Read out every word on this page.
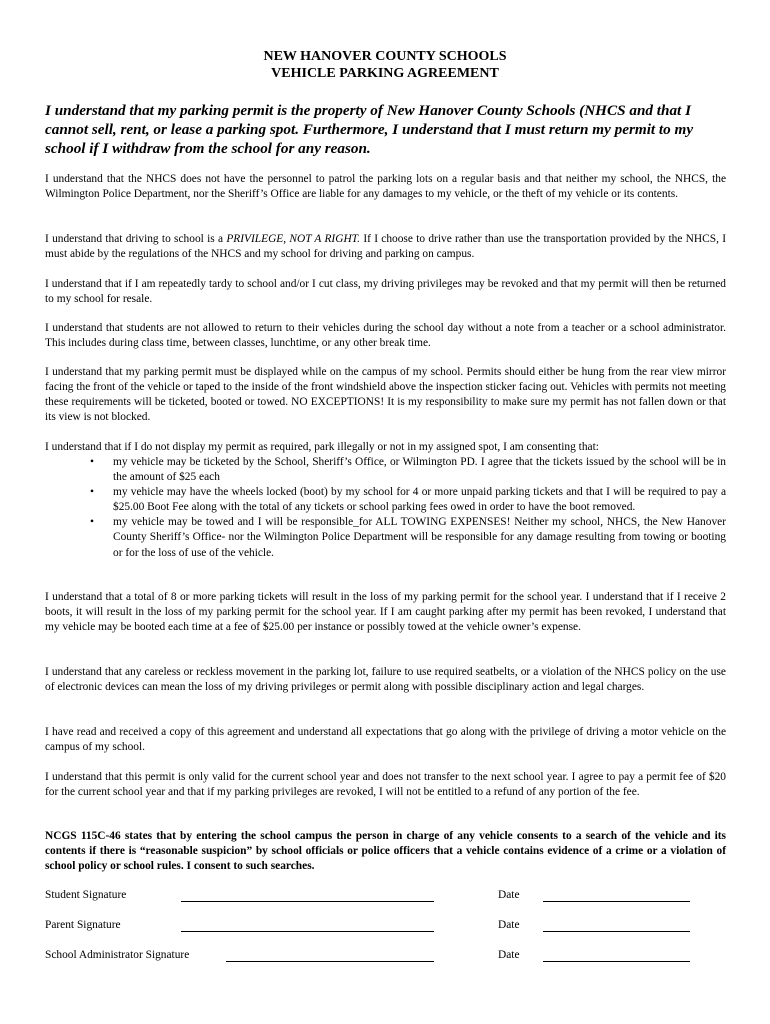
NEW HANOVER COUNTY SCHOOLS
VEHICLE PARKING AGREEMENT
I understand that my parking permit is the property of New Hanover County Schools (NHCS and that I cannot sell, rent, or lease a parking spot. Furthermore, I understand that I must return my permit to my school if I withdraw from the school for any reason.
I understand that the NHCS does not have the personnel to patrol the parking lots on a regular basis and that neither my school, the NHCS, the Wilmington Police Department, nor the Sheriff’s Office are liable for any damages to my vehicle, or the theft of my vehicle or its contents.
I understand that driving to school is a PRIVILEGE, NOT A RIGHT. If I choose to drive rather than use the transportation provided by the NHCS, I must abide by the regulations of the NHCS and my school for driving and parking on campus.
I understand that if I am repeatedly tardy to school and/or I cut class, my driving privileges may be revoked and that my permit will then be returned to my school for resale.
I understand that students are not allowed to return to their vehicles during the school day without a note from a teacher or a school administrator. This includes during class time, between classes, lunchtime, or any other break time.
I understand that my parking permit must be displayed while on the campus of my school. Permits should either be hung from the rear view mirror facing the front of the vehicle or taped to the inside of the front windshield above the inspection sticker facing out. Vehicles with permits not meeting these requirements will be ticketed, booted or towed. NO EXCEPTIONS! It is my responsibility to make sure my permit has not fallen down or that its view is not blocked.
I understand that if I do not display my permit as required, park illegally or not in my assigned spot, I am consenting that:
• my vehicle may be ticketed by the School, Sheriff’s Office, or Wilmington PD. I agree that the tickets issued by the school will be in the amount of $25 each
• my vehicle may have the wheels locked (boot) by my school for 4 or more unpaid parking tickets and that I will be required to pay a $25.00 Boot Fee along with the total of any tickets or school parking fees owed in order to have the boot removed.
• my vehicle may be towed and I will be responsible_for ALL TOWING EXPENSES! Neither my school, NHCS, the New Hanover County Sheriff’s Office- nor the Wilmington Police Department will be responsible for any damage resulting from towing or booting or for the loss of use of the vehicle.
I understand that a total of 8 or more parking tickets will result in the loss of my parking permit for the school year. I understand that if I receive 2 boots, it will result in the loss of my parking permit for the school year. If I am caught parking after my permit has been revoked, I understand that my vehicle may be booted each time at a fee of $25.00 per instance or possibly towed at the vehicle owner’s expense.
I understand that any careless or reckless movement in the parking lot, failure to use required seatbelts, or a violation of the NHCS policy on the use of electronic devices can mean the loss of my driving privileges or permit along with possible disciplinary action and legal charges.
I have read and received a copy of this agreement and understand all expectations that go along with the privilege of driving a motor vehicle on the campus of my school.
I understand that this permit is only valid for the current school year and does not transfer to the next school year. I agree to pay a permit fee of $20 for the current school year and that if my parking privileges are revoked, I will not be entitled to a refund of any portion of the fee.
NCGS 115C-46 states that by entering the school campus the person in charge of any vehicle consents to a search of the vehicle and its contents if there is “reasonable suspicion” by school officials or police officers that a vehicle contains evidence of a crime or a violation of school policy or school rules. I consent to such searches.
Student Signature	Date
Parent Signature	Date
School Administrator Signature	Date
